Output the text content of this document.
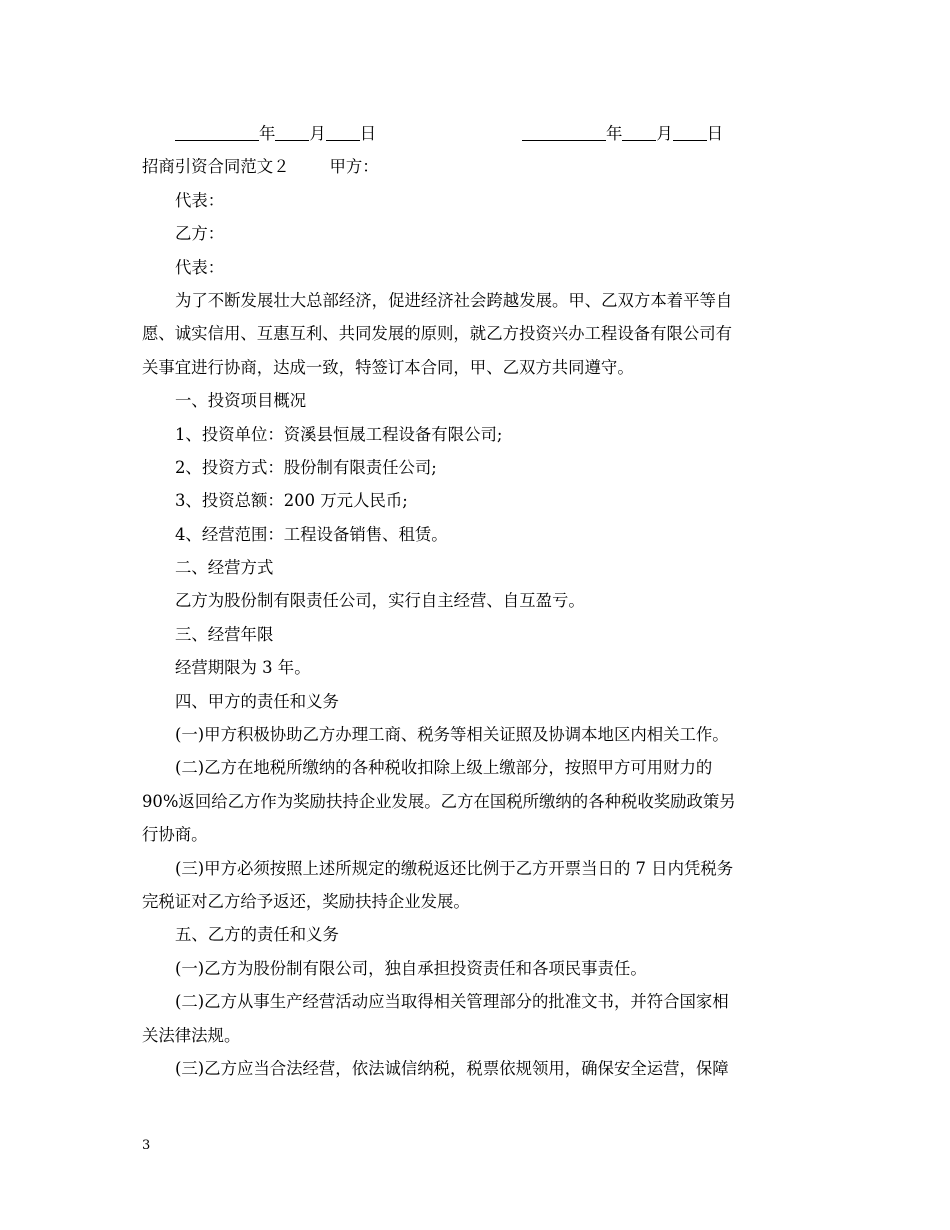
年 月 日	年 月 日
招商引资合同范文２ 甲方：
代表：
乙方：
代表：
为了不断发展壮大总部经济，促进经济社会跨越发展。甲、乙双方本着平等自
愿、诚实信用、互惠互利、共同发展的原则，就乙方投资兴办工程设备有限公司有
关事宜进行协商，达成一致，特签订本合同，甲、乙双方共同遵守。
一、投资项目概况
1、投资单位：资溪县恒晟工程设备有限公司;
2、投资方式：股份制有限责任公司;
3、投资总额：200 万元人民币;
4、经营范围：工程设备销售、租赁。
二、经营方式
乙方为股份制有限责任公司，实行自主经营、自互盈亏。
三、经营年限
经营期限为 3 年。
四、甲方的责任和义务
(一)甲方积极协助乙方办理工商、税务等相关证照及协调本地区内相关工作。
(二)乙方在地税所缴纳的各种税收扣除上级上缴部分，按照甲方可用财力的
90%返回给乙方作为奖励扶持企业发展。乙方在国税所缴纳的各种税收奖励政策另
行协商。
(三)甲方必须按照上述所规定的缴税返还比例于乙方开票当日的 7 日内凭税务
完税证对乙方给予返还，奖励扶持企业发展。
五、乙方的责任和义务
(一)乙方为股份制有限公司，独自承担投资责任和各项民事责任。
(二)乙方从事生产经营活动应当取得相关管理部分的批准文书，并符合国家相
关法律法规。
(三)乙方应当合法经营，依法诚信纳税，税票依规领用，确保安全运营，保障
3
